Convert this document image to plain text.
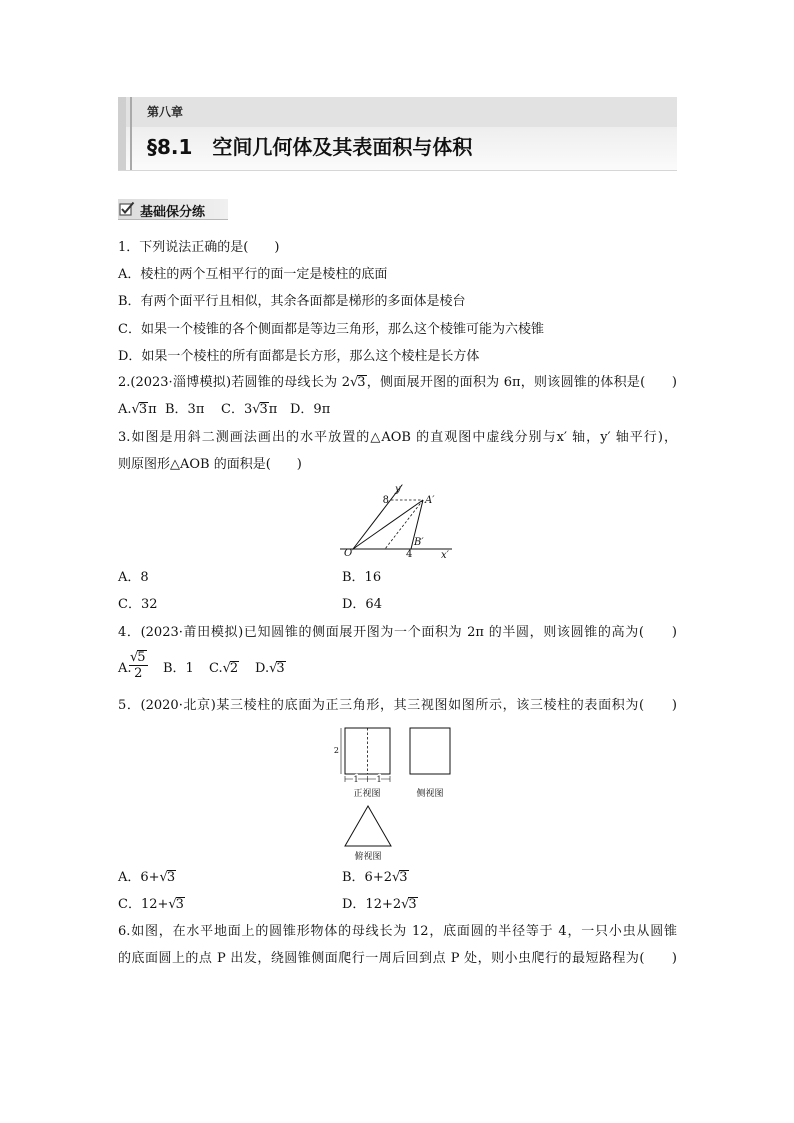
第八章
§8.1　空间几何体及其表面积与体积
基础保分练
1．下列说法正确的是(　　)
A．棱柱的两个互相平行的面一定是棱柱的底面
B．有两个面平行且相似，其余各面都是梯形的多面体是棱台
C．如果一个棱锥的各个侧面都是等边三角形，那么这个棱锥可能为六棱锥
D．如果一个棱柱的所有面都是长方形，那么这个棱柱是长方体
2.(2023·淄博模拟)若圆锥的母线长为 2√3，侧面展开图的面积为 6π，则该圆锥的体积是(　　)
A.√3π B．3π C．3√3π D．9π
3.如图是用斜二测画法画出的水平放置的△AOB 的直观图中虚线分别与x′ 轴，y′ 轴平行)，
则原图形△AOB 的面积是(　　)
y′
8	A′
B′
4
O′	x′
A．8	B．16
C．32	D．64
4．(2023·莆田模拟)已知圆锥的侧面展开图为一个面积为 2π 的半圆，则该圆锥的高为(　　)
A.
$\frac{√5}{2}$ B．1 C.√2 D.√3
5．(2020·北京)某三棱柱的底面为正三角形，其三视图如图所示，该三棱柱的表面积为(　　)
2
1 1
正视图	侧视图
俯视图
A．6+√3	B．6+2√3
C．12+√3	D．12+2√3
6.如图，在水平地面上的圆锥形物体的母线长为 12，底面圆的半径等于 4，一只小虫从圆锥
的底面圆上的点 P 出发，绕圆锥侧面爬行一周后回到点 P 处，则小虫爬行的最短路程为(　　)
